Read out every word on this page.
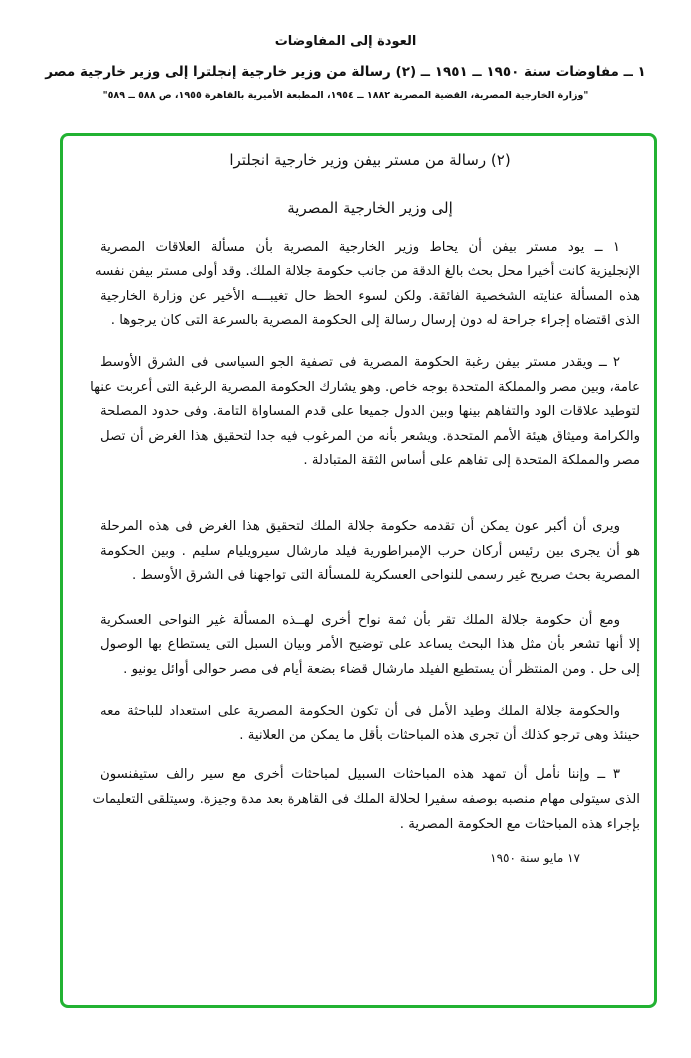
العودة إلى المفاوضات
١ ــ مفاوضات سنة ١٩٥٠ ــ ١٩٥١ ــ (٢) رسالة من وزير خارجية إنجلترا إلى وزير خارجية مصر
"وزارة الخارجية المصرية، القضية المصرية ١٨٨٢ ــ ١٩٥٤، المطبعة الأميرية بالقاهرة ١٩٥٥، ص ٥٨٨ ــ ٥٨٩"
(٢) رسالة من مستر بيفن وزير خارجية انجلترا
إلى وزير الخارجية المصرية
١ ــ يود مستر بيفن أن يحاط وزير الخارجية المصرية بأن مسألة العلاقات المصرية
الإنجليزية كانت أخيرا محل بحث بالغ الدقة من جانب حكومة جلالة الملك. وقد أولى مستر بيفن نفسه
هذه المسألة عنايته الشخصية الفائقة. ولكن لسوء الحظ حال تغيبـــه الأخير عن وزارة الخارجية
الذى اقتضاه إجراء جراحة له دون إرسال رسالة إلى الحكومة المصرية بالسرعة التى كان يرجوها .
٢ ــ ويقدر مستر بيفن رغبة الحكومة المصرية فى تصفية الجو السياسى فى الشرق الأوسط
عامة، وبين مصر والمملكة المتحدة بوجه خاص. وهو يشارك الحكومة المصرية الرغبة التى أعربت عنها
لتوطيد علاقات الود والتفاهم بينها وبين الدول جميعا على قدم المساواة التامة. وفى حدود المصلحة
والكرامة وميثاق هيئة الأمم المتحدة. ويشعر بأنه من المرغوب فيه جدا لتحقيق هذا الغرض أن تصل
مصر والمملكة المتحدة إلى تفاهم على أساس الثقة المتبادلة .
ويرى أن أكبر عون يمكن أن تقدمه حكومة جلالة الملك لتحقيق هذا الغرض فى هذه المرحلة
هو أن يجرى بين رئيس أركان حرب الإمبراطورية فيلد مارشال سيرويليام سليم . وبين الحكومة
المصرية بحث صريح غير رسمى للنواحى العسكرية للمسألة التى تواجهنا فى الشرق الأوسط .
ومع أن حكومة جلالة الملك تقر بأن ثمة نواح أخرى لهــذه المسألة غير النواحى العسكرية
إلا أنها تشعر بأن مثل هذا البحث يساعد على توضيح الأمر وبيان السبل التى يستطاع بها الوصول
إلى حل . ومن المنتظر أن يستطيع الفيلد مارشال قضاء بضعة أيام فى مصر حوالى أوائل يونيو .
والحكومة جلالة الملك وطيد الأمل فى أن تكون الحكومة المصرية على استعداد للباحثة معه
حينئذ وهى ترجو كذلك أن تجرى هذه المباحثات بأقل ما يمكن من العلانية .
٣ ــ وإننا نأمل أن تمهد هذه المباحثات السبيل لمباحثات أخرى مع سير رالف ستيفنسون
الذى سيتولى مهام منصبه بوصفه سفيرا لحلالة الملك فى القاهرة بعد مدة وجيزة. وسيتلقى التعليمات
بإجراء هذه المباحثات مع الحكومة المصرية .
١٧ مايو سنة ١٩٥٠
